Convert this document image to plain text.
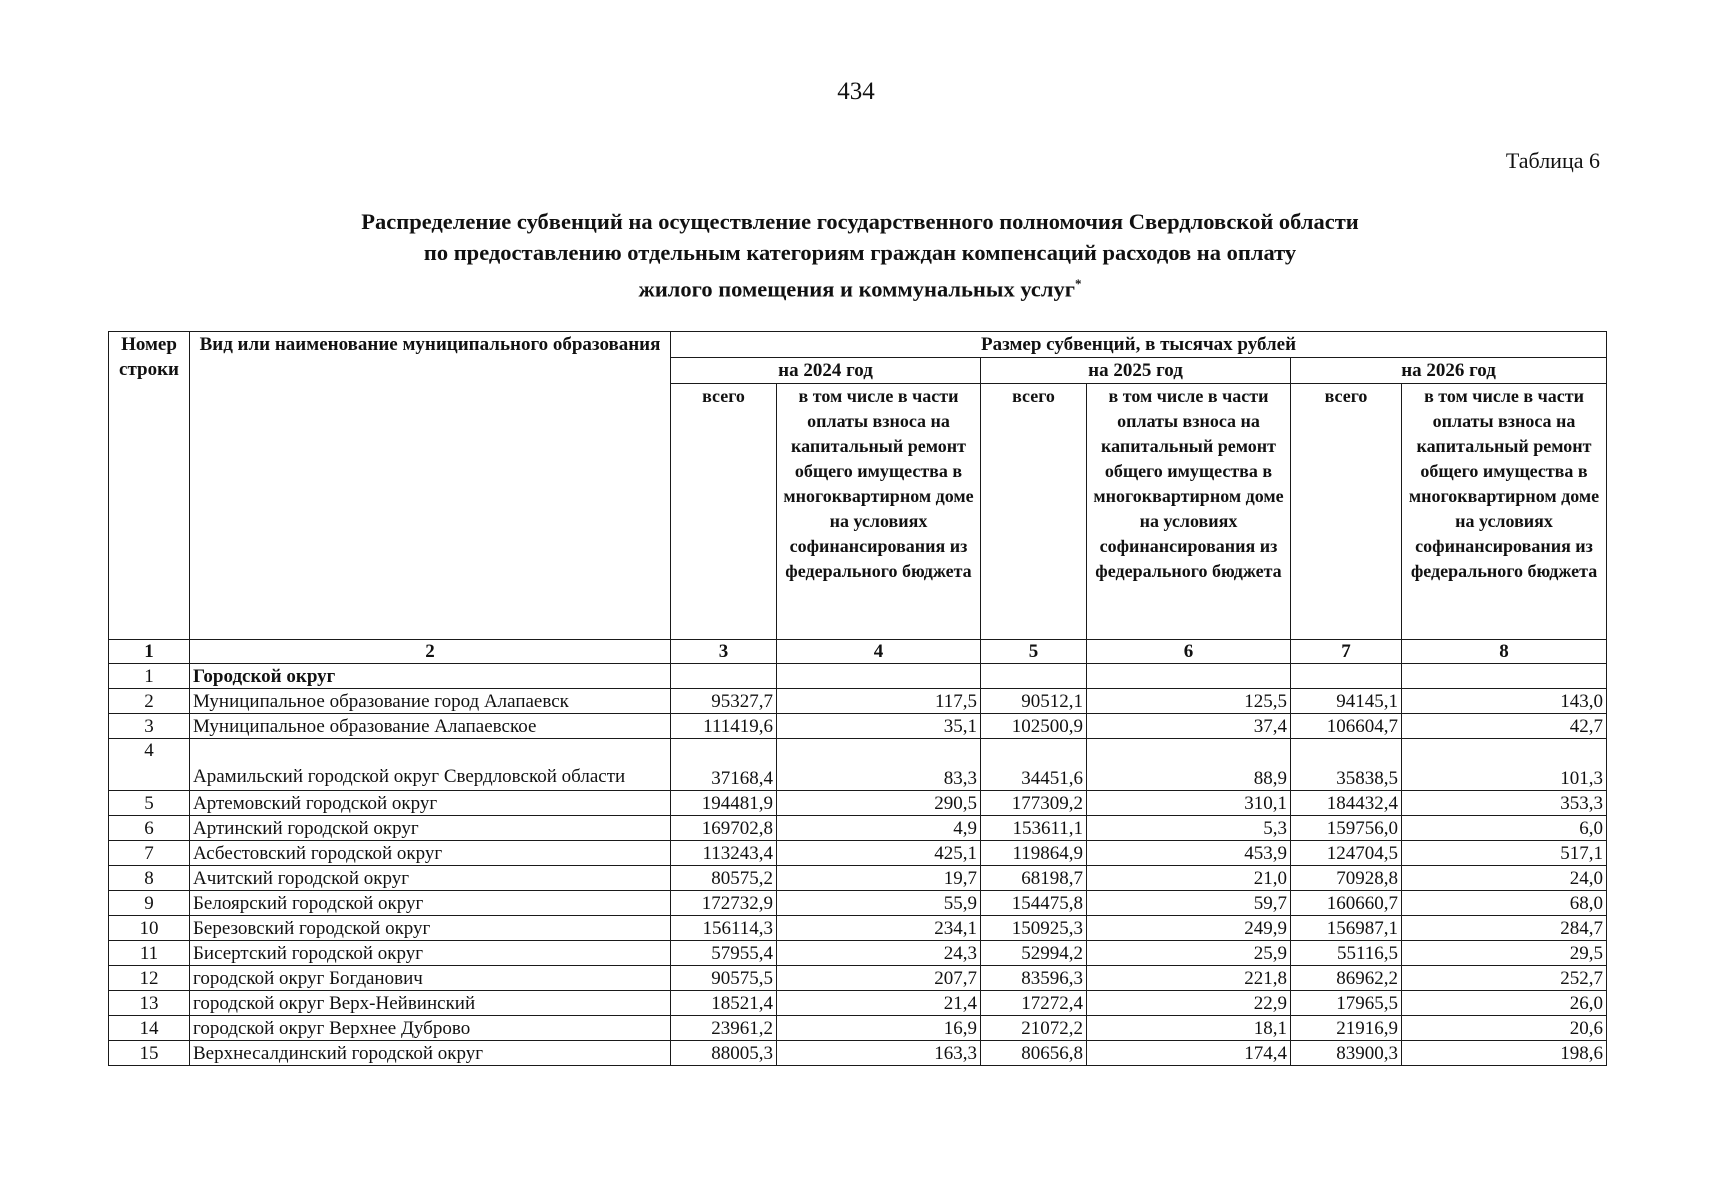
434
Таблица 6
Распределение субвенций на осуществление государственного полномочия Свердловской области
по предоставлению отдельным категориям граждан компенсаций расходов на оплату
жилого помещения и коммунальных услуг*
Номер строки	Вид или наименование муниципального образования	Размер субвенций, в тысячах рублей					
		на 2024 год		на 2025 год		на 2026 год	
		всего	в том числе в части оплаты взноса на капитальный ремонт общего имущества в многоквартирном доме на условиях софинансирования из федерального бюджета	всего	в том числе в части оплаты взноса на капитальный ремонт общего имущества в многоквартирном доме на условиях софинансирования из федерального бюджета	всего	в том числе в части оплаты взноса на капитальный ремонт общего имущества в многоквартирном доме на условиях софинансирования из федерального бюджета
1	2	3	4	5	6	7	8
1	Городской округ						
2	Муниципальное образование город Алапаевск	95327,7	117,5	90512,1	125,5	94145,1	143,0
3	Муниципальное образование Алапаевское	111419,6	35,1	102500,9	37,4	106604,7	42,7
4	Арамильский городской округ Свердловской области	37168,4	83,3	34451,6	88,9	35838,5	101,3
5	Артемовский городской округ	194481,9	290,5	177309,2	310,1	184432,4	353,3
6	Артинский городской округ	169702,8	4,9	153611,1	5,3	159756,0	6,0
7	Асбестовский городской округ	113243,4	425,1	119864,9	453,9	124704,5	517,1
8	Ачитский городской округ	80575,2	19,7	68198,7	21,0	70928,8	24,0
9	Белоярский городской округ	172732,9	55,9	154475,8	59,7	160660,7	68,0
10	Березовский городской округ	156114,3	234,1	150925,3	249,9	156987,1	284,7
11	Бисертский городской округ	57955,4	24,3	52994,2	25,9	55116,5	29,5
12	городской округ Богданович	90575,5	207,7	83596,3	221,8	86962,2	252,7
13	городской округ Верх-Нейвинский	18521,4	21,4	17272,4	22,9	17965,5	26,0
14	городской округ Верхнее Дуброво	23961,2	16,9	21072,2	18,1	21916,9	20,6
15	Верхнесалдинский городской округ	88005,3	163,3	80656,8	174,4	83900,3	198,6
